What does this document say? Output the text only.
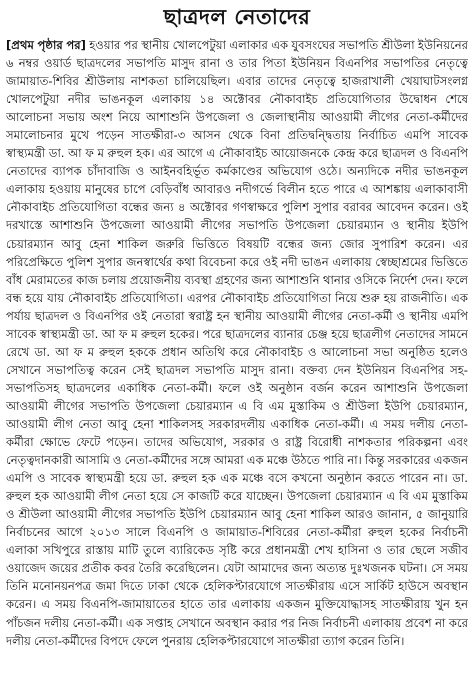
ছাত্রদল নেতাদের

[প্রথম পৃষ্ঠার পর] হওয়ার পর স্থানীয় খোলপেটুয়া এলাকার এক যুবসংঘের সভাপতি শ্রীউলা ইউনিয়নের ৬ নম্বর ওয়ার্ড ছাত্রদলের সভাপতি মাসুদ রানা ও তার পিতা ইউনিয়ন বিএনপির সভাপতির নেতৃত্বে জামায়াত-শিবির শ্রীউলায় নাশকতা চালিয়েছিল। এবার তাদের নেতৃত্বে হাজরাখালী খেয়াঘাটসংলগ্ন খোলপেটুয়া নদীর ভাঙনকূল এলাকায় ১৪ অক্টোবর নৌকাবাইচ প্রতিযোগিতার উদ্বোধন শেষে আলোচনা সভায় অংশ নিয়ে আশাশুনি উপজেলা ও জেলাস্থানীয় আওয়ামী লীগের নেতা-কর্মীদের সমালোচনার মুখে পড়েন সাতক্ষীরা-৩ আসন থেকে বিনা প্রতিদ্বন্দ্বিতায় নির্বাচিত এমপি সাবেক স্বাস্থ্যমন্ত্রী ডা. আ ফ ম রুহুল হক। এর আগে এ নৌকাবাইচ আয়োজনকে কেন্দ্র করে ছাত্রদল ও বিএনপি নেতাদের ব্যাপক চাঁদাবাজি ও আইনবহির্ভূত কর্মকাণ্ডের অভিযোগ ওঠে। অন্যদিকে নদীর ভাঙনকূল এলাকায় হওয়ায় মানুষের চাপে বেড়িবাঁধ আবারও নদীগর্ভে বিলীন হতে পারে এ আশঙ্কায় এলাকাবাসী নৌকাবাইচ প্রতিযোগিতা বন্ধের জন্য ৪ অক্টোবর গণস্বাক্ষরে পুলিশ সুপার বরাবর আবেদন করেন। ওই দরখাস্তে আশাশুনি উপজেলা আওয়ামী লীগের সভাপতি উপজেলা চেয়ারম্যান ও স্থানীয় ইউপি চেয়ারম্যান আবু হেনা শাকিল জরুরি ভিত্তিতে বিষয়টি বন্ধের জন্য জোর সুপারিশ করেন। এর পরিপ্রেক্ষিতে পুলিশ সুপার জনস্বার্থের কথা বিবেচনা করে ওই নদী ভাঙন এলাকায় স্বেচ্ছাশ্রমের ভিত্তিতে বাঁধ মেরামতের কাজ চলায় প্রয়োজনীয় ব্যবস্থা গ্রহণের জন্য আশাশুনি থানার ওসিকে নির্দেশ দেন। ফলে বন্ধ হয়ে যায় নৌকাবাইচ প্রতিযোগিতা। এরপর নৌকাবাইচ প্রতিযোগিতা নিয়ে শুরু হয় রাজনীতি। এক পর্যায় ছাত্রদল ও বিএনপির ওই নেতারা স্বরাষ্ট্র হন স্থানীয় আওয়ামী লীগের নেতা-কর্মী ও স্থানীয় এমপি সাবেক স্বাস্থ্যমন্ত্রী ডা. আ ফ ম রুহুল হকের। পরে ছাত্রদলের ব্যানার চেঞ্জ হয়ে ছাত্রলীগ নেতাদের সামনে রেখে ডা. আ ফ ম রুহুল হককে প্রধান অতিথি করে নৌকাবাইচ ও আলোচনা সভা অনুষ্ঠিত হলেও সেখানে সভাপতিত্ব করেন সেই ছাত্রদল সভাপতি মাসুদ রানা। বক্তব্য দেন ইউনিয়ন বিএনপির সহ-সভাপতিসহ ছাত্রদলের একাধিক নেতা-কর্মী। ফলে ওই অনুষ্ঠান বর্জন করেন আশাশুনি উপজেলা আওয়ামী লীগের সভাপতি উপজেলা চেয়ারম্যান এ বি এম মুস্তাকিম ও শ্রীউলা ইউপি চেয়ারম্যান, আওয়ামী লীগ নেতা আবু হেনা শাকিলসহ সরকারদলীয় একাধিক নেতা-কর্মী। এ সময় দলীয় নেতা-কর্মীরা ক্ষোভে ফেটে পড়েন। তাদের অভিযোগ, সরকার ও রাষ্ট্র বিরোধী নাশকতার পরিকল্পনা এবং নেতৃত্বদানকারী আসামি ও নেতা-কর্মীদের সঙ্গে আমরা এক মঞ্চে উঠতে পারি না। কিন্তু সরকারের একজন এমপি ও সাবেক স্বাস্থ্যমন্ত্রী হয়ে ডা. রুহুল হক এক মঞ্চে বসে কখনো অনুষ্ঠান করতে পারেন না। ডা. রুহুল হক আওয়ামী লীগ নেতা হয়ে সে কাজটি করে যাচ্ছেন। উপজেলা চেয়ারম্যান এ বি এম মুস্তাকিম ও শ্রীউলা আওয়ামী লীগের সভাপতি ইউপি চেয়ারম্যান আবু হেনা শাকিল আরও জানান, ৫ জানুয়ারি নির্বাচনের আগে ২০১৩ সালে বিএনপি ও জামায়াত-শিবিরের নেতা-কর্মীরা রুহুল হকের নির্বাচনী এলাকা সখিপুরে রাস্তায় মাটি তুলে ব্যারিকেড সৃষ্টি করে প্রধানমন্ত্রী শেখ হাসিনা ও তার ছেলে সজীব ওয়াজেদ জয়ের প্রতীক কবর তৈরি করেছিলেন। যেটা আমাদের জন্য অত্যন্ত দুঃখজনক ঘটনা। সে সময় তিনি মনোনয়নপত্র জমা দিতে ঢাকা থেকে হেলিকপ্টারযোগে সাতক্ষীরায় এসে সার্কিট হাউসে অবস্থান করেন। এ সময় বিএনপি-জামায়াতের হাতে তার এলাকায় একজন মুক্তিযোদ্ধাসহ সাতক্ষীরায় খুন হন পাঁচজন দলীয় নেতা-কর্মী। এক সপ্তাহ সেখানে অবস্থান করার পর নিজ নির্বাচনী এলাকায় প্রবেশ না করে দলীয় নেতা-কর্মীদের বিপদে ফেলে পুনরায় হেলিকপ্টারযোগে সাতক্ষীরা ত্যাগ করেন তিনি।
